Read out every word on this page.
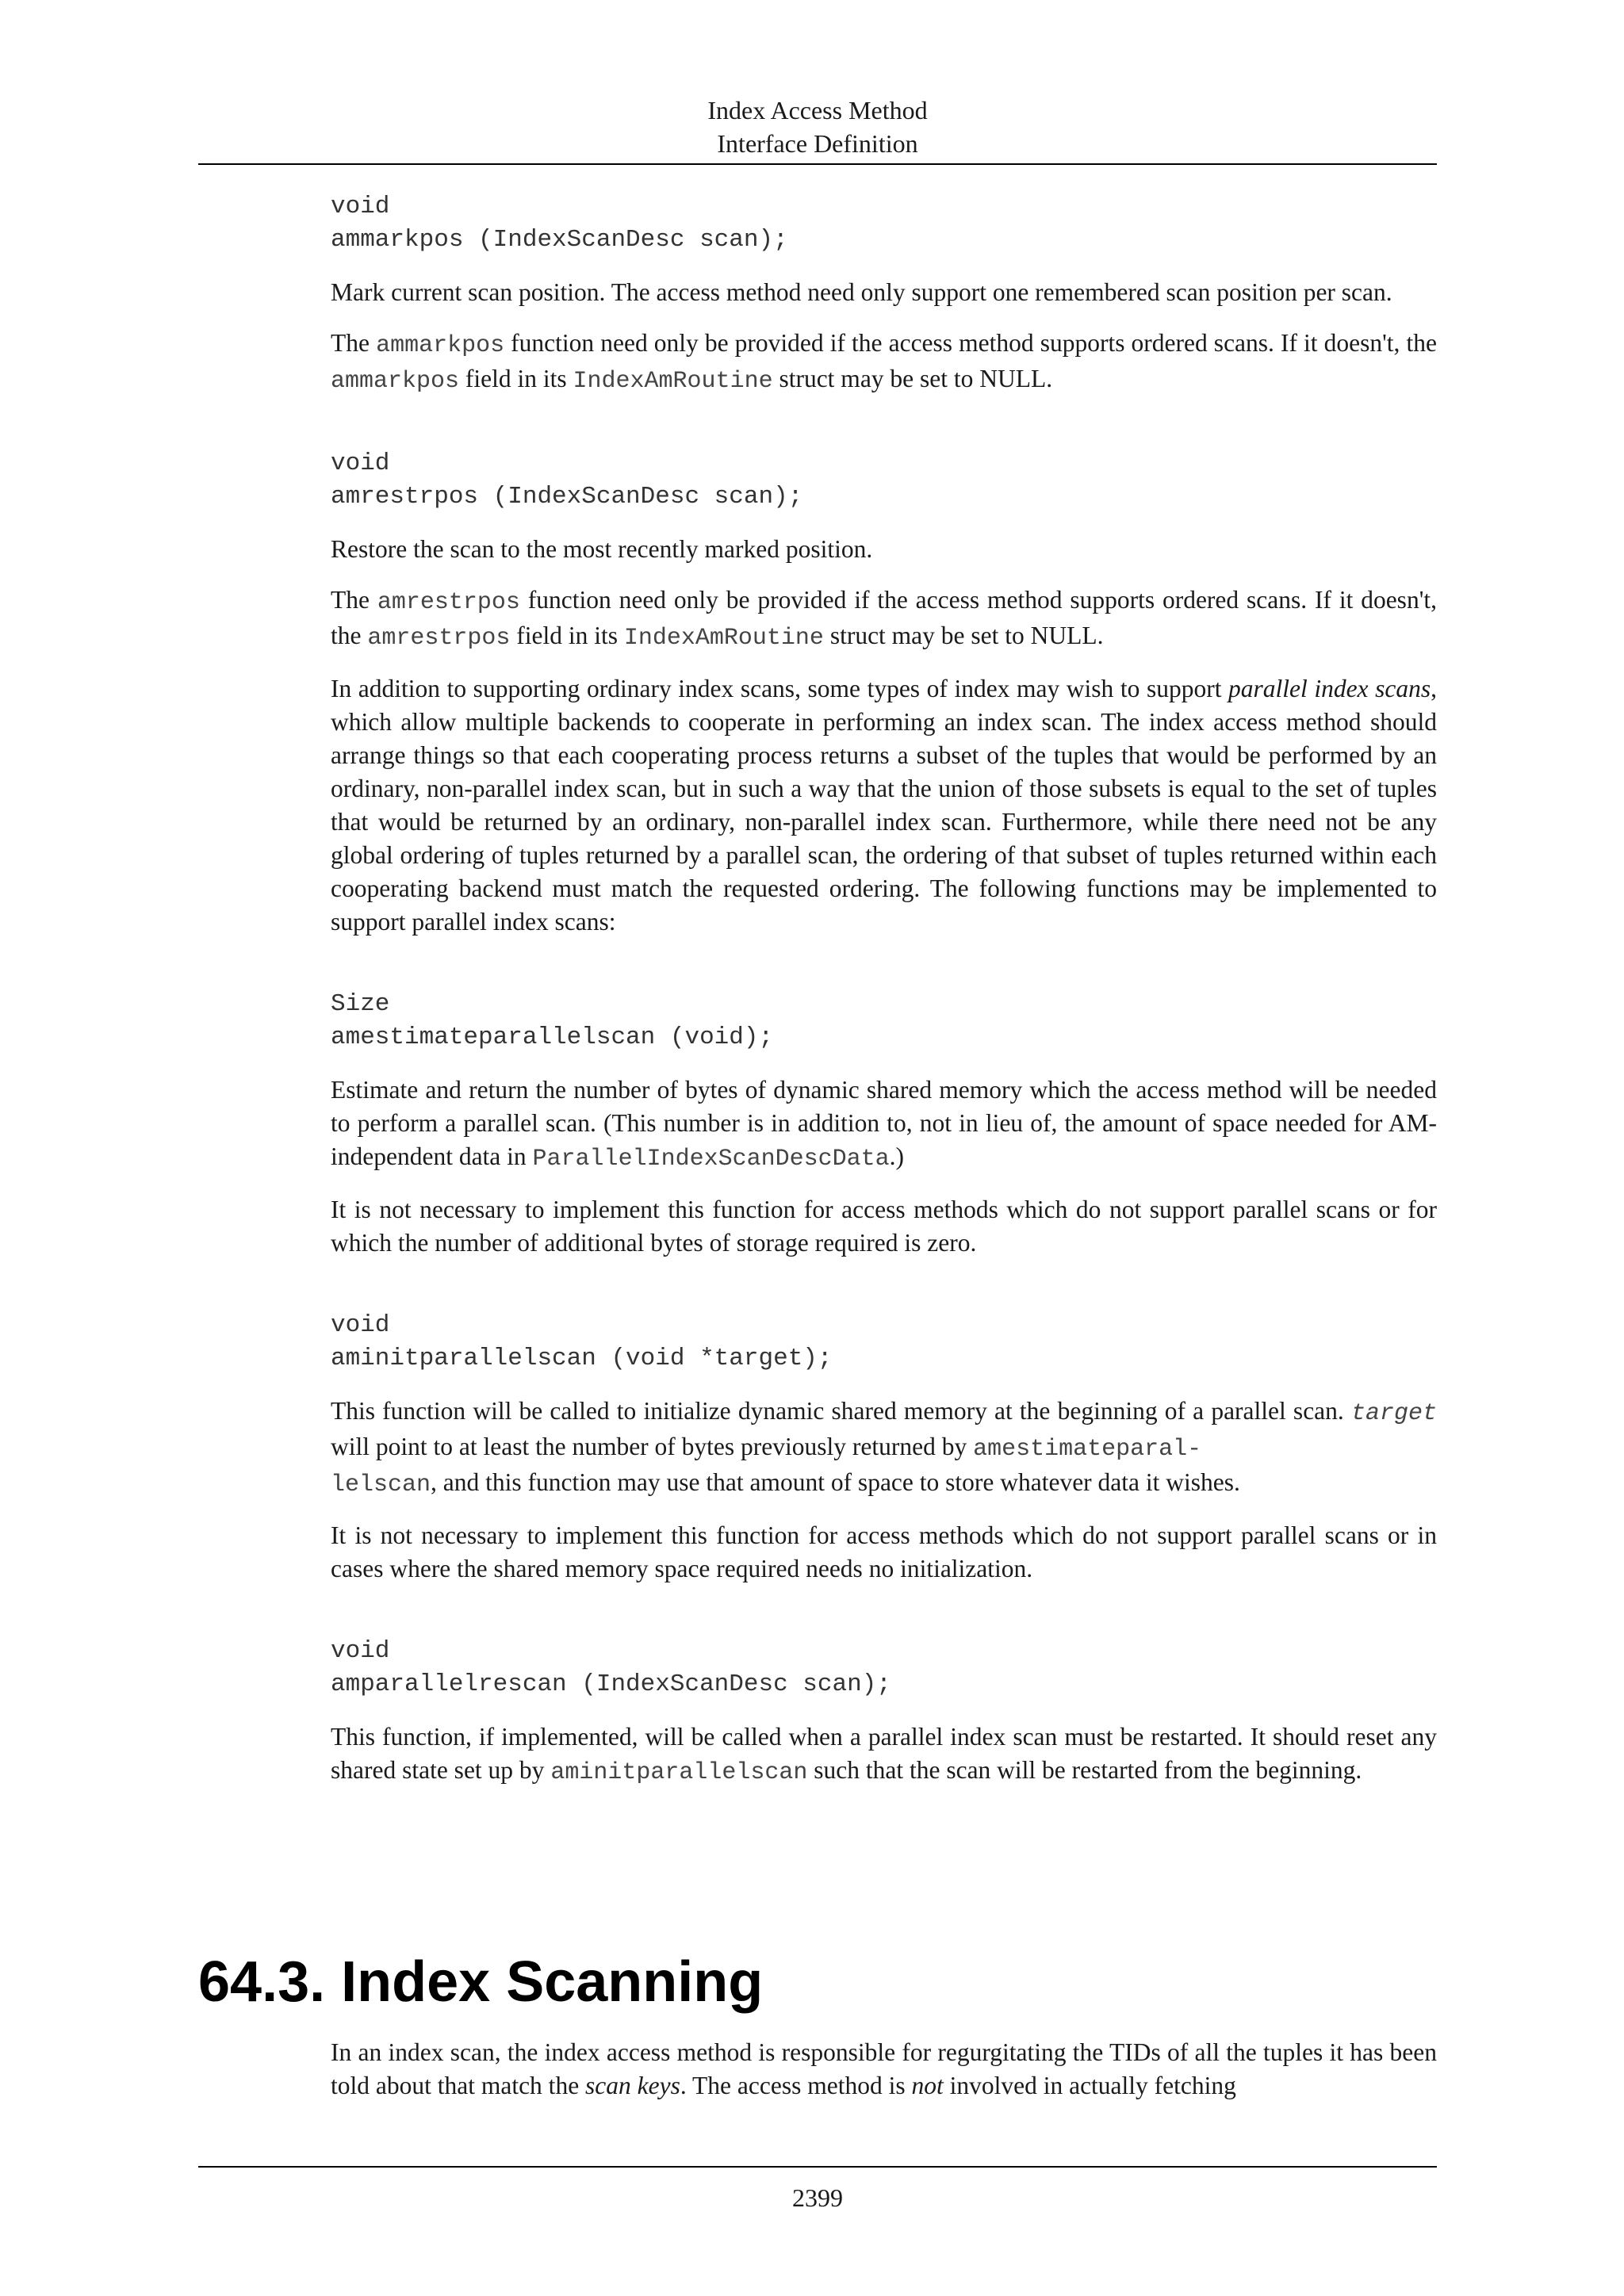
Index Access Method
Interface Definition
void
ammarkpos (IndexScanDesc scan);

Mark current scan position. The access method need only support one remembered scan position per scan.

The ammarkpos function need only be provided if the access method supports ordered scans. If it doesn't, the ammarkpos field in its IndexAmRoutine struct may be set to NULL.

void
amrestrpos (IndexScanDesc scan);

Restore the scan to the most recently marked position.

The amrestrpos function need only be provided if the access method supports ordered scans. If it doesn't, the amrestrpos field in its IndexAmRoutine struct may be set to NULL.

In addition to supporting ordinary index scans, some types of index may wish to support parallel index scans, which allow multiple backends to cooperate in performing an index scan. The index access method should arrange things so that each cooperating process returns a subset of the tuples that would be performed by an ordinary, non-parallel index scan, but in such a way that the union of those subsets is equal to the set of tuples that would be returned by an ordinary, non-parallel index scan. Furthermore, while there need not be any global ordering of tuples returned by a parallel scan, the ordering of that subset of tuples returned within each cooperating backend must match the requested ordering. The following functions may be implemented to support parallel index scans:

Size
amestimateparallelscan (void);

Estimate and return the number of bytes of dynamic shared memory which the access method will be needed to perform a parallel scan. (This number is in addition to, not in lieu of, the amount of space needed for AM-independent data in ParallelIndexScanDescData.)

It is not necessary to implement this function for access methods which do not support parallel scans or for which the number of additional bytes of storage required is zero.

void
aminitparallelscan (void *target);

This function will be called to initialize dynamic shared memory at the beginning of a parallel scan. target will point to at least the number of bytes previously returned by amestimateparal-
lelscan, and this function may use that amount of space to store whatever data it wishes.

It is not necessary to implement this function for access methods which do not support parallel scans or in cases where the shared memory space required needs no initialization.

void
amparallelrescan (IndexScanDesc scan);

This function, if implemented, will be called when a parallel index scan must be restarted. It should reset any shared state set up by aminitparallelscan such that the scan will be restarted from the beginning.

64.3. Index Scanning

In an index scan, the index access method is responsible for regurgitating the TIDs of all the tuples it has been told about that match the scan keys. The access method is not involved in actually fetching

2399
